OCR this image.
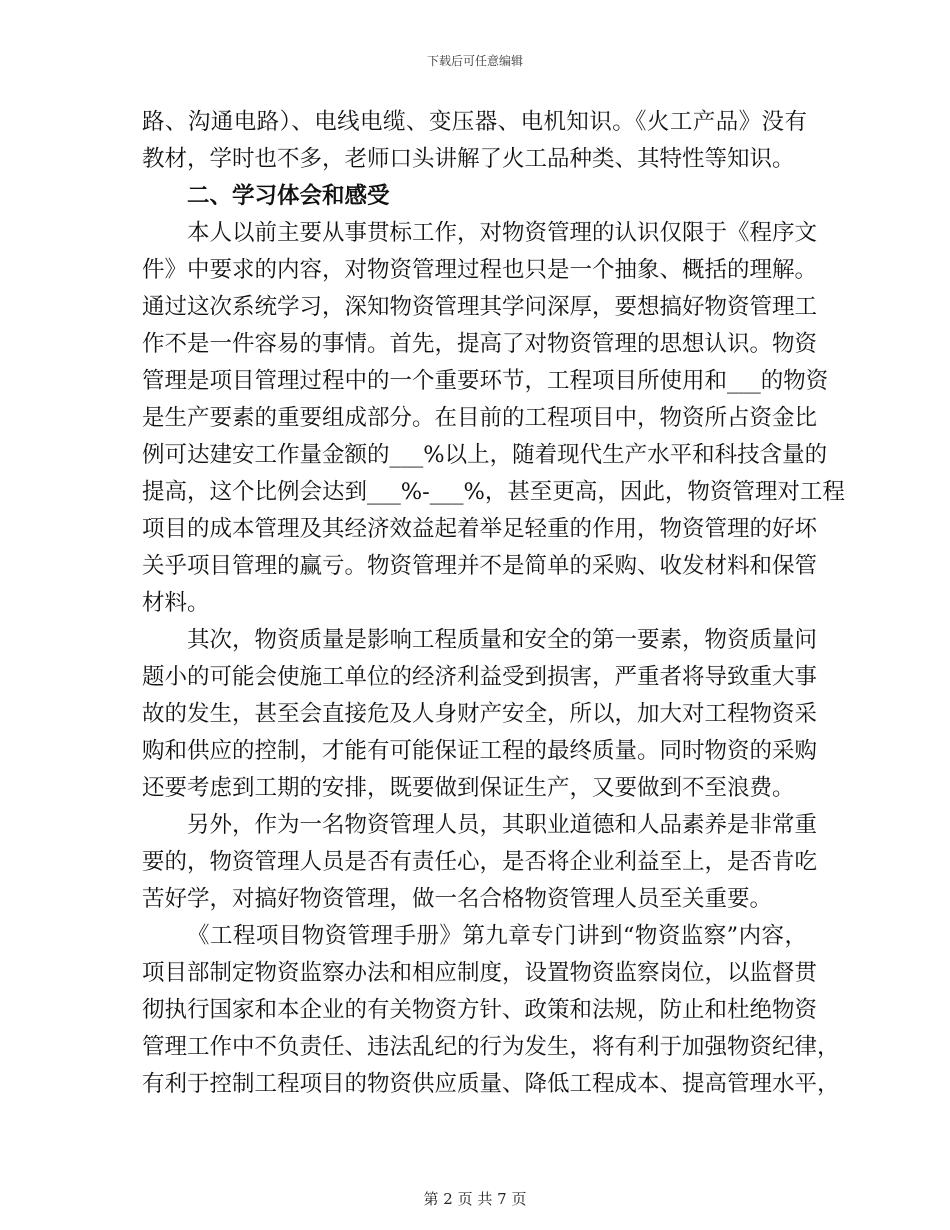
下载后可任意编辑
路、沟通电路）、电线电缆、变压器、电机知识。《火工产品》没有
教材，学时也不多，老师口头讲解了火工品种类、其特性等知识。
二、学习体会和感受
本人以前主要从事贯标工作，对物资管理的认识仅限于《程序文
件》中要求的内容，对物资管理过程也只是一个抽象、概括的理解。
通过这次系统学习，深知物资管理其学问深厚，要想搞好物资管理工
作不是一件容易的事情。首先，提高了对物资管理的思想认识。物资
管理是项目管理过程中的一个重要环节，工程项目所使用和___的物资
是生产要素的重要组成部分。在目前的工程项目中，物资所占资金比
例可达建安工作量金额的___%以上，随着现代生产水平和科技含量的
提高，这个比例会达到___%-___%，甚至更高，因此，物资管理对工程
项目的成本管理及其经济效益起着举足轻重的作用，物资管理的好坏
关乎项目管理的赢亏。物资管理并不是简单的采购、收发材料和保管
材料。
其次，物资质量是影响工程质量和安全的第一要素，物资质量问
题小的可能会使施工单位的经济利益受到损害，严重者将导致重大事
故的发生，甚至会直接危及人身财产安全，所以，加大对工程物资采
购和供应的控制，才能有可能保证工程的最终质量。同时物资的采购
还要考虑到工期的安排，既要做到保证生产，又要做到不至浪费。
另外，作为一名物资管理人员，其职业道德和人品素养是非常重
要的，物资管理人员是否有责任心，是否将企业利益至上，是否肯吃
苦好学，对搞好物资管理，做一名合格物资管理人员至关重要。
《工程项目物资管理手册》第九章专门讲到“物资监察”内容，
项目部制定物资监察办法和相应制度，设置物资监察岗位，以监督贯
彻执行国家和本企业的有关物资方针、政策和法规，防止和杜绝物资
管理工作中不负责任、违法乱纪的行为发生，将有利于加强物资纪律，
有利于控制工程项目的物资供应质量、降低工程成本、提高管理水平，
第 2 页 共 7 页
